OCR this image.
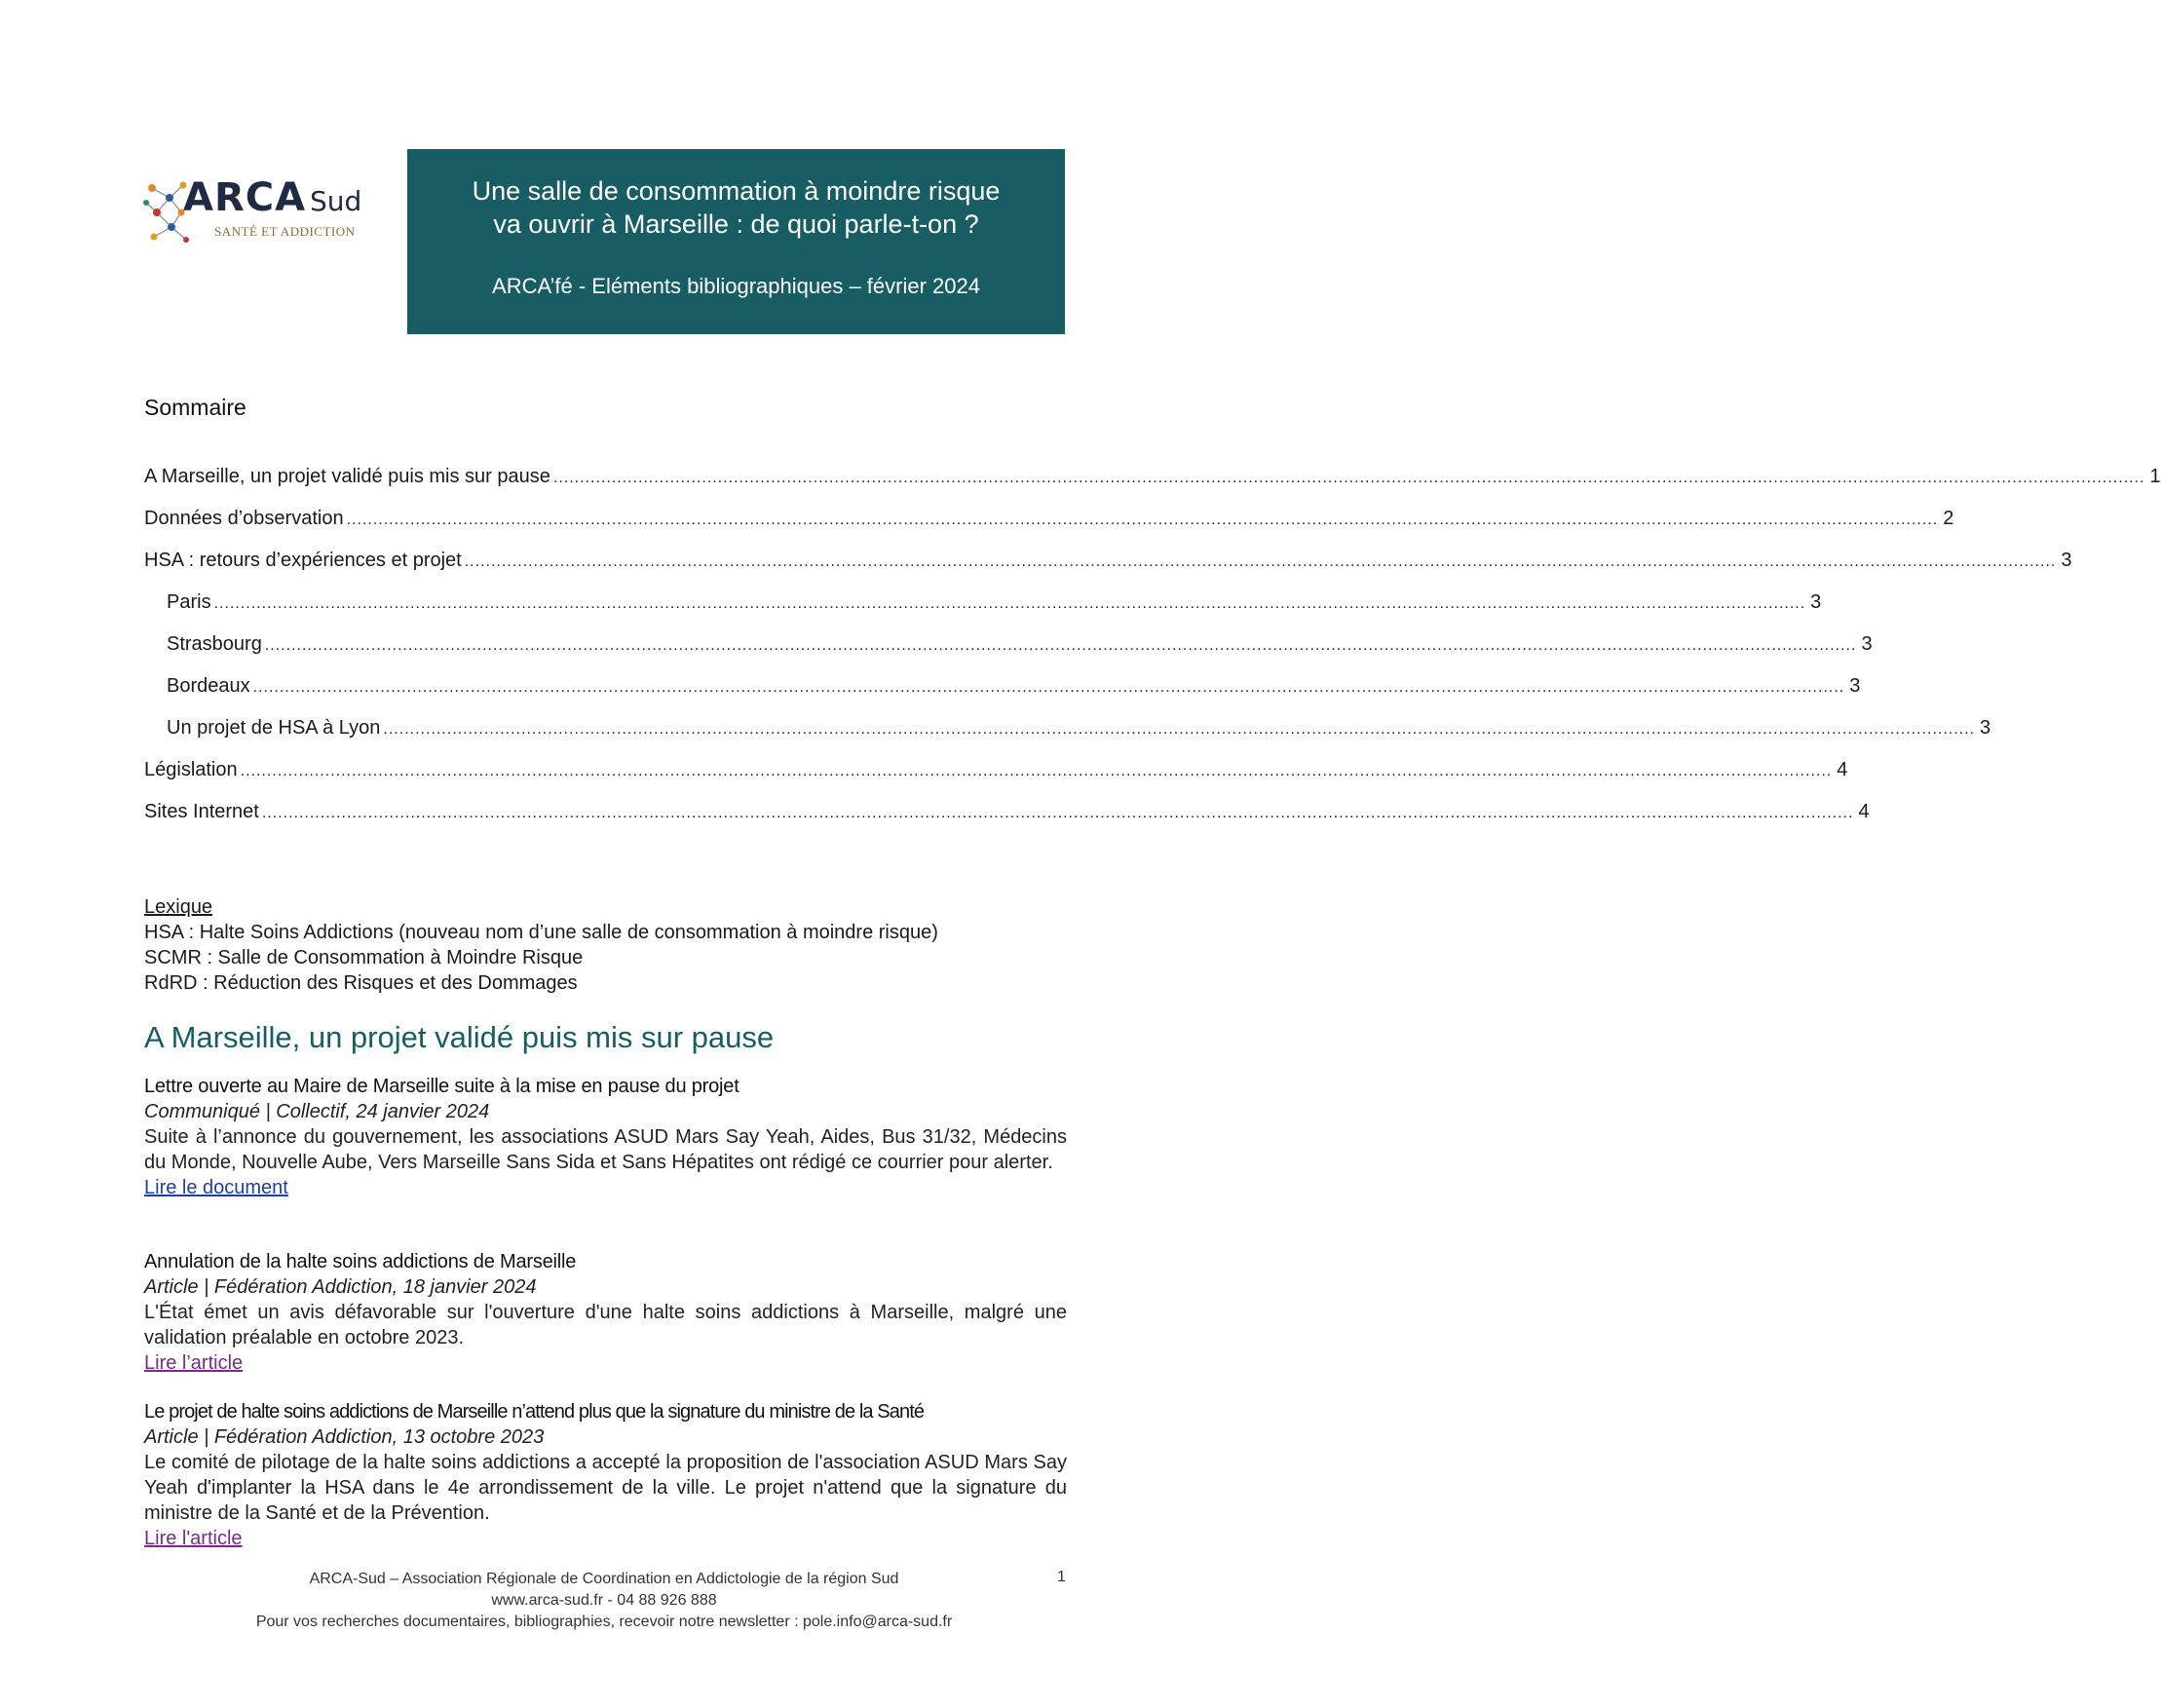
ARCA Sud
SANTÉ ET ADDICTION
Une salle de consommation à moindre risque
va ouvrir à Marseille : de quoi parle-t-on ?
ARCA’fé - Eléments bibliographiques – février 2024
Sommaire
A Marseille, un projet validé puis mis sur pause ............................................................................................................................................................................................................................................................................................................ 1
Données d’observation ............................................................................................................................................................................................................................................................................................................ 2
HSA : retours d’expériences et projet ............................................................................................................................................................................................................................................................................................................ 3
Paris ............................................................................................................................................................................................................................................................................................................ 3
Strasbourg ............................................................................................................................................................................................................................................................................................................ 3
Bordeaux ............................................................................................................................................................................................................................................................................................................ 3
Un projet de HSA à Lyon ............................................................................................................................................................................................................................................................................................................ 3
Législation ............................................................................................................................................................................................................................................................................................................ 4
Sites Internet ............................................................................................................................................................................................................................................................................................................ 4
Lexique
HSA : Halte Soins Addictions (nouveau nom d’une salle de consommation à moindre risque)
SCMR : Salle de Consommation à Moindre Risque
RdRD : Réduction des Risques et des Dommages
A Marseille, un projet validé puis mis sur pause
Lettre ouverte au Maire de Marseille suite à la mise en pause du projet
Communiqué | Collectif, 24 janvier 2024
Suite à l’annonce du gouvernement, les associations ASUD Mars Say Yeah, Aides, Bus 31/32, Médecins du Monde, Nouvelle Aube, Vers Marseille Sans Sida et Sans Hépatites ont rédigé ce courrier pour alerter.
Lire le document
Annulation de la halte soins addictions de Marseille
Article | Fédération Addiction, 18 janvier 2024
L'État émet un avis défavorable sur l'ouverture d'une halte soins addictions à Marseille, malgré une validation préalable en octobre 2023.
Lire l’article
Le projet de halte soins addictions de Marseille n’attend plus que la signature du ministre de la Santé
Article | Fédération Addiction, 13 octobre 2023
Le comité de pilotage de la halte soins addictions a accepté la proposition de l'association ASUD Mars Say Yeah d'implanter la HSA dans le 4e arrondissement de la ville. Le projet n'attend que la signature du ministre de la Santé et de la Prévention.
Lire l'article
ARCA-Sud – Association Régionale de Coordination en Addictologie de la région Sud
www.arca-sud.fr - 04 88 926 888
Pour vos recherches documentaires, bibliographies, recevoir notre newsletter : pole.info@arca-sud.fr
1
